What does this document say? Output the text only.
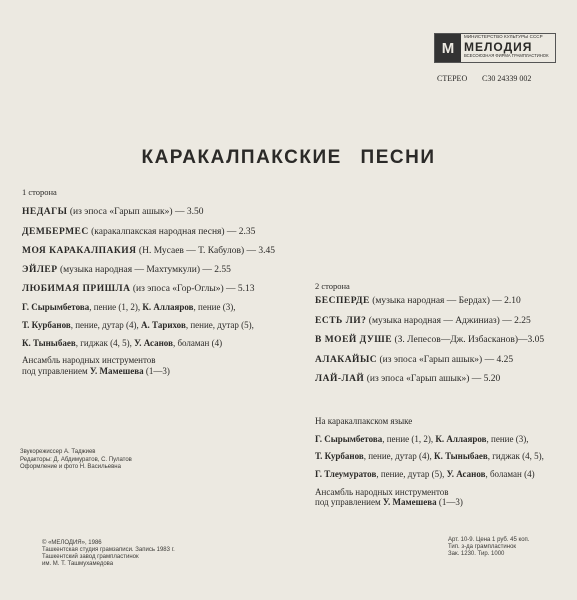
М
МИНИСТЕРСТВО КУЛЬТУРЫ СССР
МЕЛОДИЯ
ВСЕСОЮЗНАЯ ФИРМА ГРАМПЛАСТИНОК
СТЕРЕО С30 24339 002
КАРАКАЛПАКСКИЕ ПЕСНИ
1 сторона
НЕДАГЫ (из эпоса «Гарып ашык») — 3.50
ДЕМБЕРМЕС (каракалпакская народная песня) — 2.35
МОЯ КАРАКАЛПАКИЯ (Н. Мусаев — Т. Кабулов) — 3.45
ЭЙЛЕР (музыка народная — Махтумкули) — 2.55
ЛЮБИМАЯ ПРИШЛА (из эпоса «Гор-Оглы») — 5.13
Г. Сырымбетова, пение (1, 2), К. Аллаяров, пение (3),
Т. Курбанов, пение, дутар (4), А. Тарихов, пение, дутар (5),
К. Тыныбаев, гиджак (4, 5), У. Асанов, боламан (4)
Ансамбль народных инструментов
под управлением У. Мамешева (1—3)
2 сторона
БЕСПЕРДЕ (музыка народная — Бердах) — 2.10
ЕСТЬ ЛИ? (музыка народная — Аджиниаз) — 2.25
В МОЕЙ ДУШЕ (З. Лепесов—Дж. Избасканов)—3.05
АЛАКАЙЫС (из эпоса «Гарып ашык») — 4.25
ЛАЙ-ЛАЙ (из эпоса «Гарып ашык») — 5.20
На каракалпакском языке
Г. Сырымбетова, пение (1, 2), К. Аллаяров, пение (3),
Т. Курбанов, пение, дутар (4), К. Тыныбаев, гиджак (4, 5),
Г. Тлеумуратов, пение, дутар (5), У. Асанов, боламан (4)
Ансамбль народных инструментов
под управлением У. Мамешева (1—3)
Звукорежиссер А. Таджиев
Редакторы: Д. Абдимуратов, С. Пулатов
Оформление и фото Н. Васильевна
© «МЕЛОДИЯ», 1986
Ташкентская студия грамзаписи. Запись 1983 г.
Ташкентский завод грампластинок
им. М. Т. Ташмухамедова
Арт. 10-9. Цена 1 руб. 45 коп.
Тип. з-да грампластинок
Зак. 1230. Тир. 1000
